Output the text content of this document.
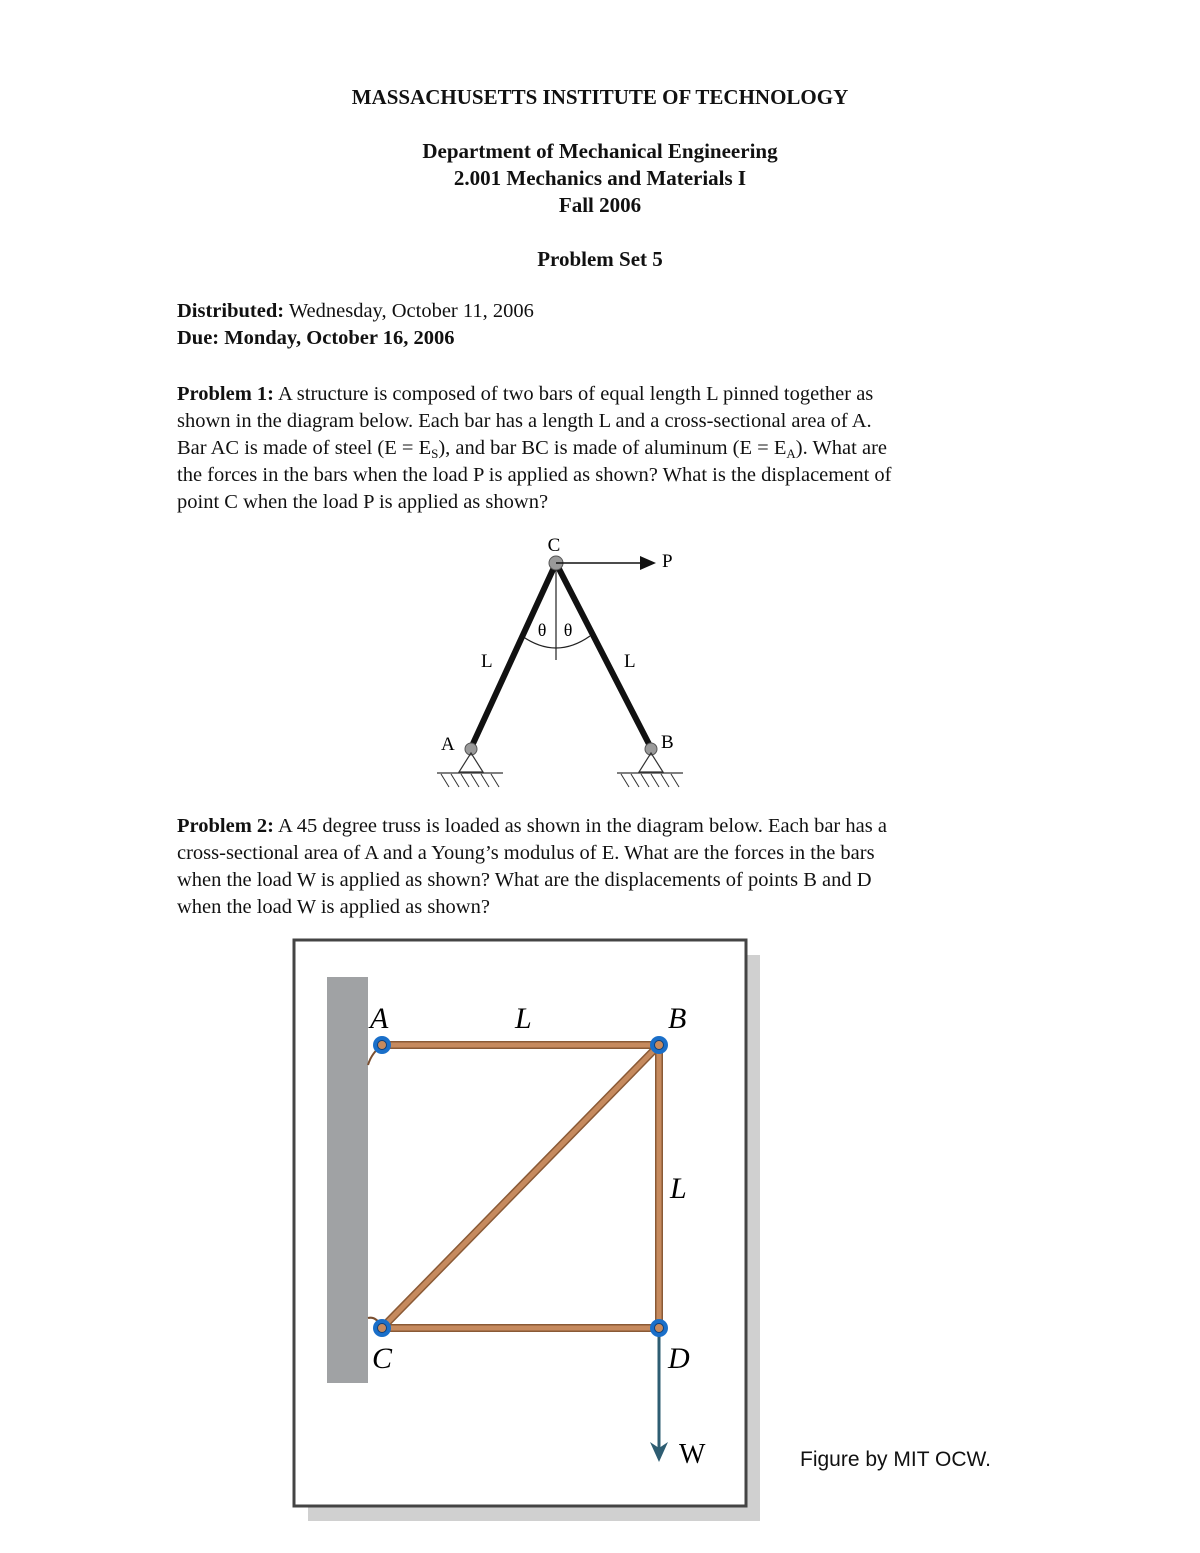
MASSACHUSETTS INSTITUTE OF TECHNOLOGY
Department of Mechanical Engineering
2.001 Mechanics and Materials I
Fall 2006
Problem Set 5
Distributed: Wednesday, October 11, 2006
Due: Monday, October 16, 2006
Problem 1: A structure is composed of two bars of equal length L pinned together as
shown in the diagram below. Each bar has a length L and a cross-sectional area of A.
Bar AC is made of steel $(E = E_S)$, and bar BC is made of aluminum $(E = E_A)$. What are
the forces in the bars when the load P is applied as shown? What is the displacement of
point C when the load P is applied as shown?
C
P
θ θ
L	L
A	B
Problem 2: A 45 degree truss is loaded as shown in the diagram below. Each bar has a
cross-sectional area of A and a Young’s modulus of E. What are the forces in the bars
when the load W is applied as shown? What are the displacements of points B and D
when the load W is applied as shown?
A	L	B
L
C	D
W	Figure by MIT OCW.
